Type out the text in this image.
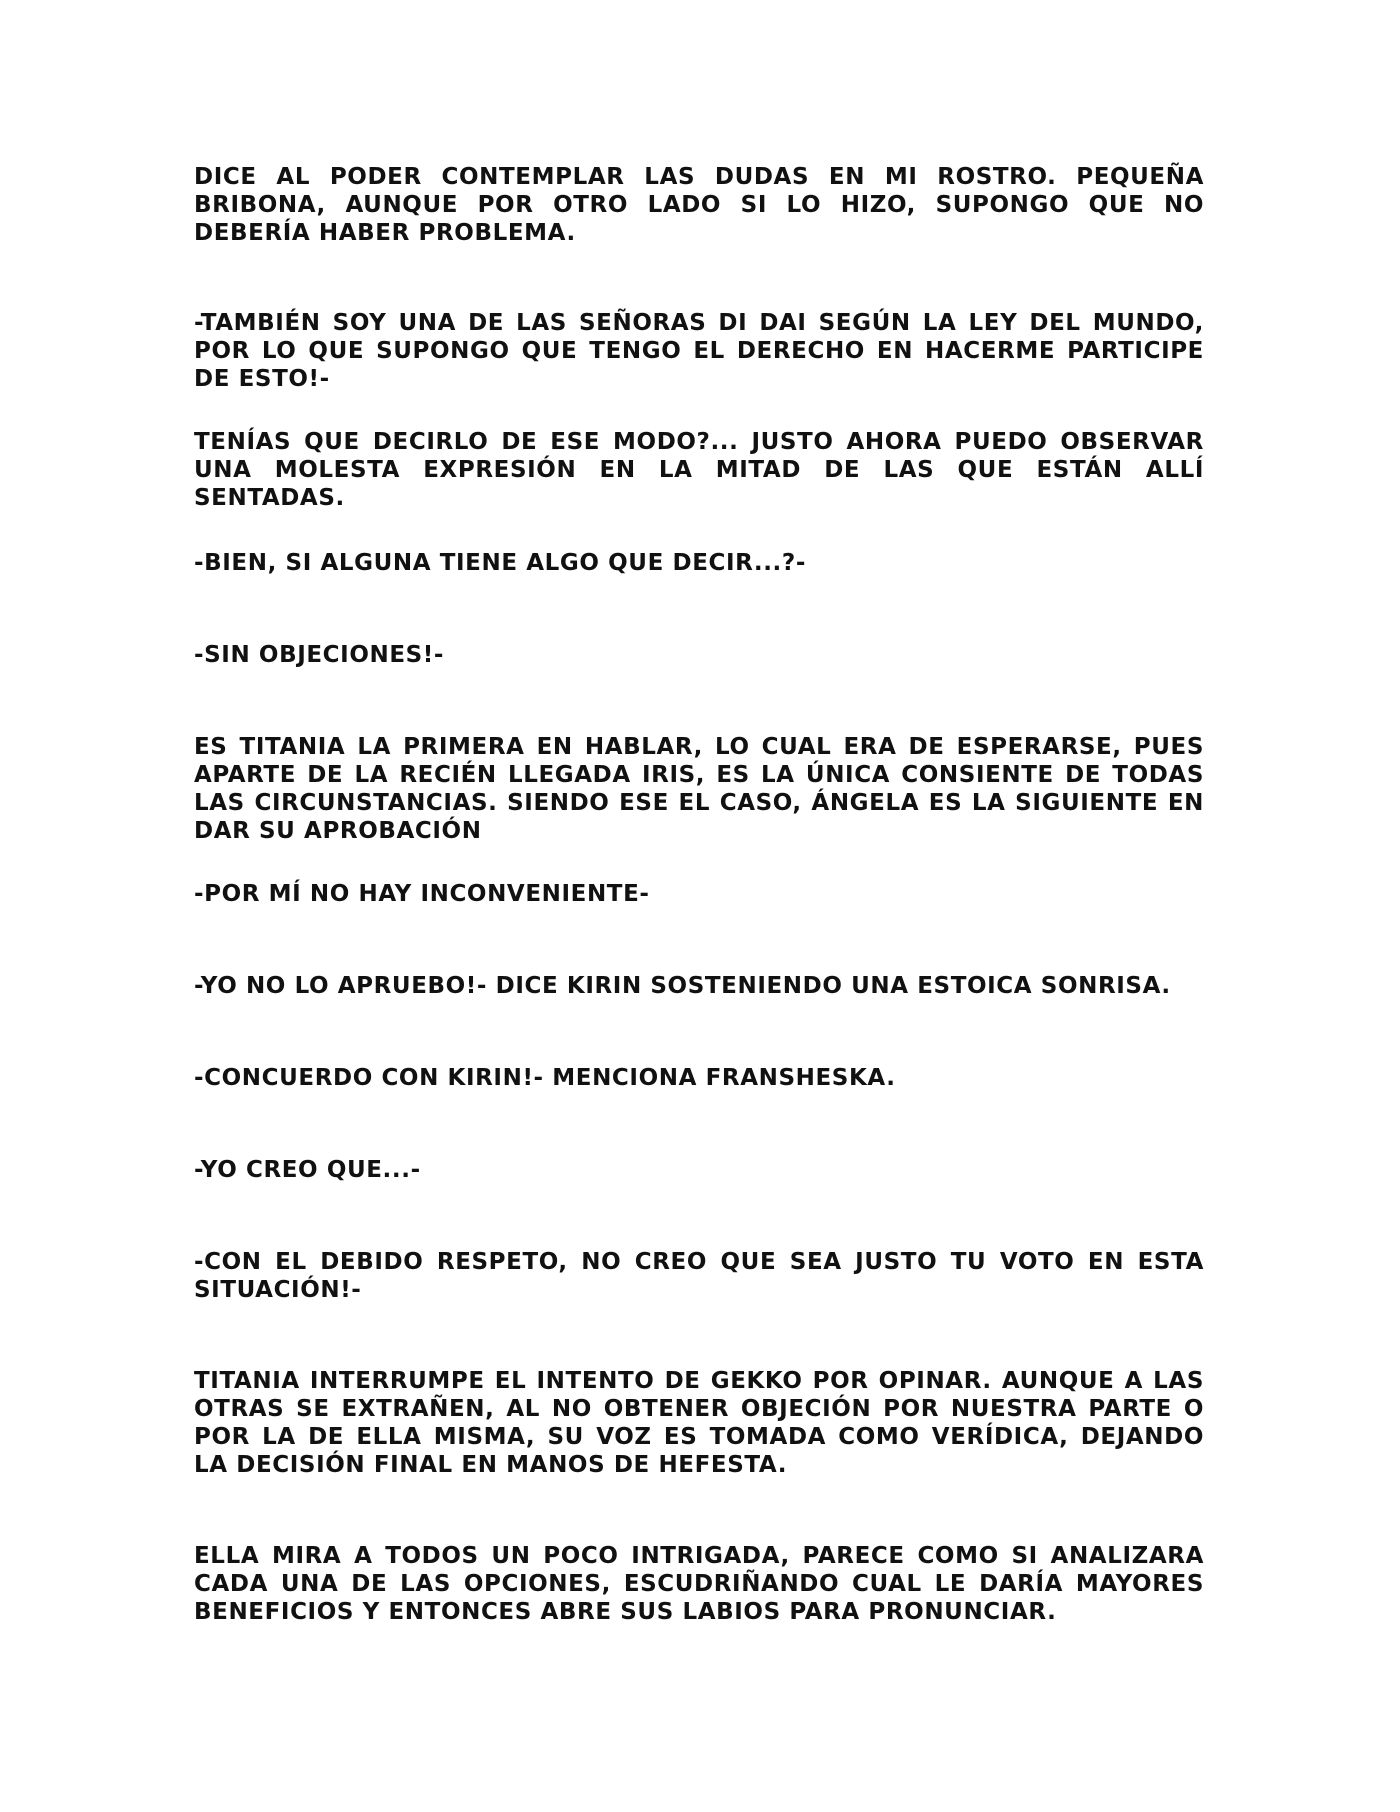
DICE AL PODER CONTEMPLAR LAS DUDAS EN MI ROSTRO. PEQUEÑA BRIBONA, AUNQUE POR OTRO LADO SI LO HIZO, SUPONGO QUE NO DEBERÍA HABER PROBLEMA.

-TAMBIÉN SOY UNA DE LAS SEÑORAS DI DAI SEGÚN LA LEY DEL MUNDO, POR LO QUE SUPONGO QUE TENGO EL DERECHO EN HACERME PARTICIPE DE ESTO!-

TENÍAS QUE DECIRLO DE ESE MODO?... JUSTO AHORA PUEDO OBSERVAR UNA MOLESTA EXPRESIÓN EN LA MITAD DE LAS QUE ESTÁN ALLÍ SENTADAS.

-BIEN, SI ALGUNA TIENE ALGO QUE DECIR...?-

-SIN OBJECIONES!-

ES TITANIA LA PRIMERA EN HABLAR, LO CUAL ERA DE ESPERARSE, PUES APARTE DE LA RECIÉN LLEGADA IRIS, ES LA ÚNICA CONSIENTE DE TODAS LAS CIRCUNSTANCIAS. SIENDO ESE EL CASO, ÁNGELA ES LA SIGUIENTE EN DAR SU APROBACIÓN

-POR MÍ NO HAY INCONVENIENTE-

-YO NO LO APRUEBO!- DICE KIRIN SOSTENIENDO UNA ESTOICA SONRISA.

-CONCUERDO CON KIRIN!- MENCIONA FRANSHESKA.

-YO CREO QUE...-

-CON EL DEBIDO RESPETO, NO CREO QUE SEA JUSTO TU VOTO EN ESTA SITUACIÓN!-

TITANIA INTERRUMPE EL INTENTO DE GEKKO POR OPINAR. AUNQUE A LAS OTRAS SE EXTRAÑEN, AL NO OBTENER OBJECIÓN POR NUESTRA PARTE O POR LA DE ELLA MISMA, SU VOZ ES TOMADA COMO VERÍDICA, DEJANDO LA DECISIÓN FINAL EN MANOS DE HEFESTA.

ELLA MIRA A TODOS UN POCO INTRIGADA, PARECE COMO SI ANALIZARA CADA UNA DE LAS OPCIONES, ESCUDRIÑANDO CUAL LE DARÍA MAYORES BENEFICIOS Y ENTONCES ABRE SUS LABIOS PARA PRONUNCIAR.
